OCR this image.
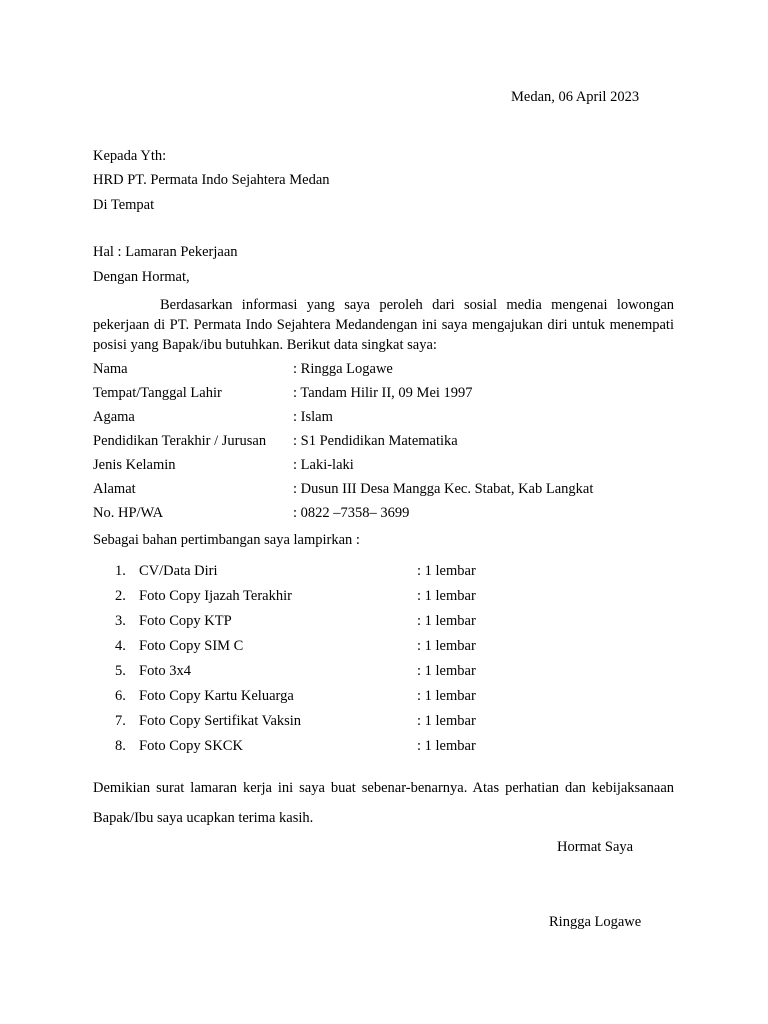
Medan, 06 April 2023
Kepada Yth:
HRD PT. Permata Indo Sejahtera Medan
Di Tempat
Hal : Lamaran Pekerjaan
Dengan Hormat,
Berdasarkan informasi yang saya peroleh dari sosial media mengenai lowongan pekerjaan di PT. Permata Indo Sejahtera Medandengan ini saya mengajukan diri untuk menempati posisi yang Bapak/ibu butuhkan. Berikut data singkat saya:
Nama	: Ringga Logawe
Tempat/Tanggal Lahir	: Tandam Hilir II, 09 Mei 1997
Agama	: Islam
Pendidikan Terakhir / Jurusan : S1 Pendidikan Matematika
Jenis Kelamin	: Laki-laki
Alamat	: Dusun III Desa Mangga Kec. Stabat, Kab Langkat
No. HP/WA	: 0822 –7358– 3699
Sebagai bahan pertimbangan saya lampirkan :
1. CV/Data Diri	: 1 lembar
2. Foto Copy Ijazah Terakhir	: 1 lembar
3. Foto Copy KTP	: 1 lembar
4. Foto Copy SIM C	: 1 lembar
5. Foto 3x4	: 1 lembar
6. Foto Copy Kartu Keluarga	: 1 lembar
7. Foto Copy Sertifikat Vaksin	: 1 lembar
8. Foto Copy SKCK	: 1 lembar
Demikian surat lamaran kerja ini saya buat sebenar-benarnya. Atas perhatian dan kebijaksanaan Bapak/Ibu saya ucapkan terima kasih.
Hormat Saya
Ringga Logawe
